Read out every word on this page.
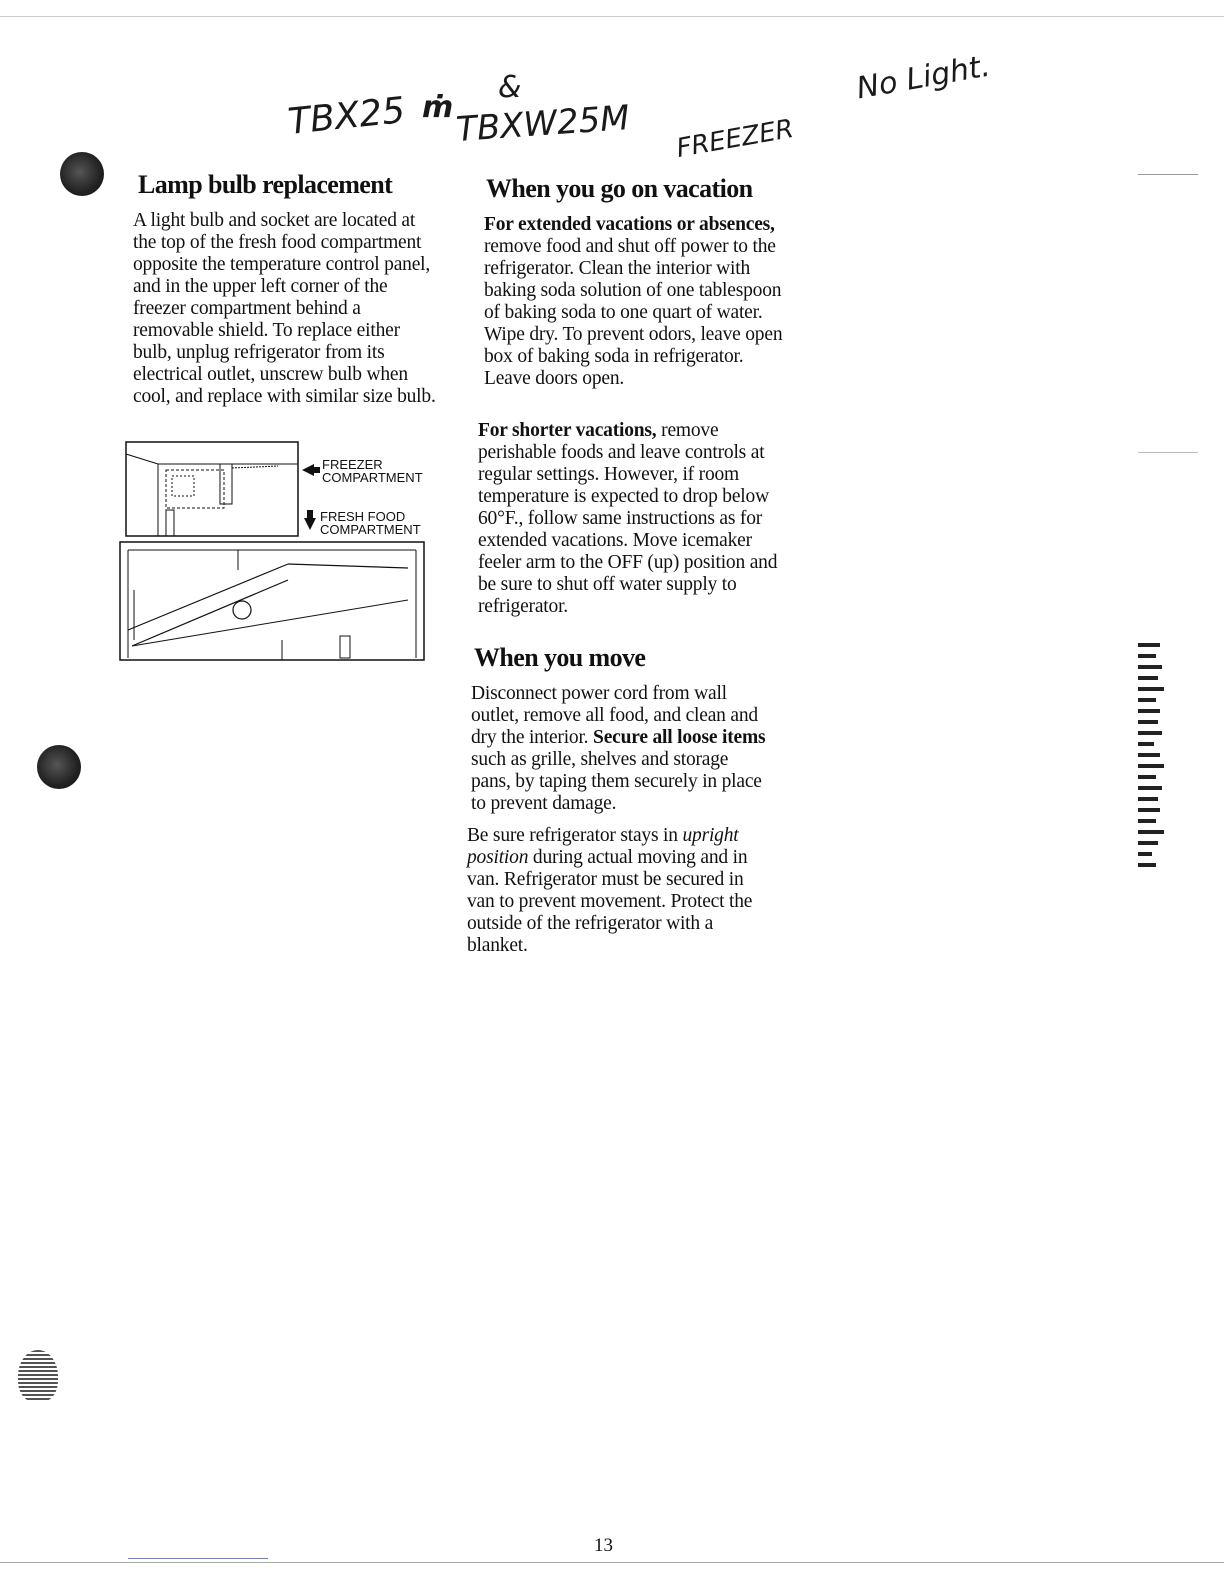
TBX25 ṁ
&
TBXW25M FREEZER
No Light.
Lamp bulb replacement

A light bulb and socket are located at the top of the fresh food compartment opposite the temperature control panel, and in the upper left corner of the freezer compartment behind a removable shield. To replace either bulb, unplug refrigerator from its electrical outlet, unscrew bulb when cool, and replace with similar size bulb.

FREEZER
COMPARTMENT
FRESH FOOD
COMPARTMENT
When you go on vacation

For extended vacations or absences, remove food and shut off power to the refrigerator. Clean the interior with baking soda solution of one tablespoon of baking soda to one quart of water. Wipe dry. To prevent odors, leave open box of baking soda in refrigerator. Leave doors open.

For shorter vacations, remove perishable foods and leave controls at regular settings. However, if room temperature is expected to drop below 60°F., follow same instructions as for extended vacations. Move icemaker feeler arm to the OFF (up) position and be sure to shut off water supply to refrigerator.

When you move

Disconnect power cord from wall outlet, remove all food, and clean and dry the interior. Secure all loose items such as grille, shelves and storage pans, by taping them securely in place to prevent damage.

Be sure refrigerator stays in upright position during actual moving and in van. Refrigerator must be secured in van to prevent movement. Protect the outside of the refrigerator with a blanket.

13
